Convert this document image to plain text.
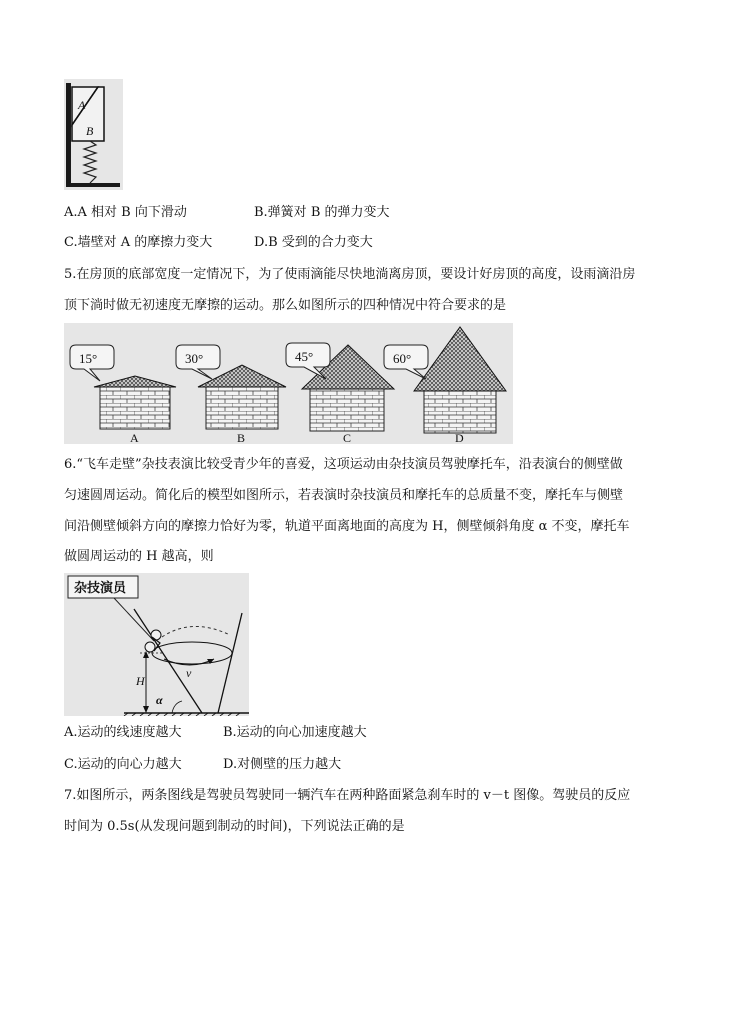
A
B
A.A 相对 B 向下滑动	B.弹簧对 B 的弹力变大
C.墙壁对 A 的摩擦力变大	D.B 受到的合力变大
5.在房顶的底部宽度一定情况下，为了使雨滴能尽快地淌离房顶，要设计好房顶的高度，设雨滴沿房
顶下淌时做无初速度无摩擦的运动。那么如图所示的四种情况中符合要求的是
15°	30°	45°	60°
A	B	C	D
6.“飞车走壁”杂技表演比较受青少年的喜爱，这项运动由杂技演员驾驶摩托车，沿表演台的侧壁做
匀速圆周运动。简化后的模型如图所示，若表演时杂技演员和摩托车的总质量不变，摩托车与侧壁
间沿侧壁倾斜方向的摩擦力恰好为零，轨道平面离地面的高度为 H，侧壁倾斜角度 α 不变，摩托车
做圆周运动的 H 越高，则
杂技演员
H
v
α
A.运动的线速度越大	B.运动的向心加速度越大
C.运动的向心力越大	D.对侧壁的压力越大
7.如图所示，两条图线是驾驶员驾驶同一辆汽车在两种路面紧急刹车时的 v－t 图像。驾驶员的反应
时间为 0.5s(从发现问题到制动的时间)，下列说法正确的是
